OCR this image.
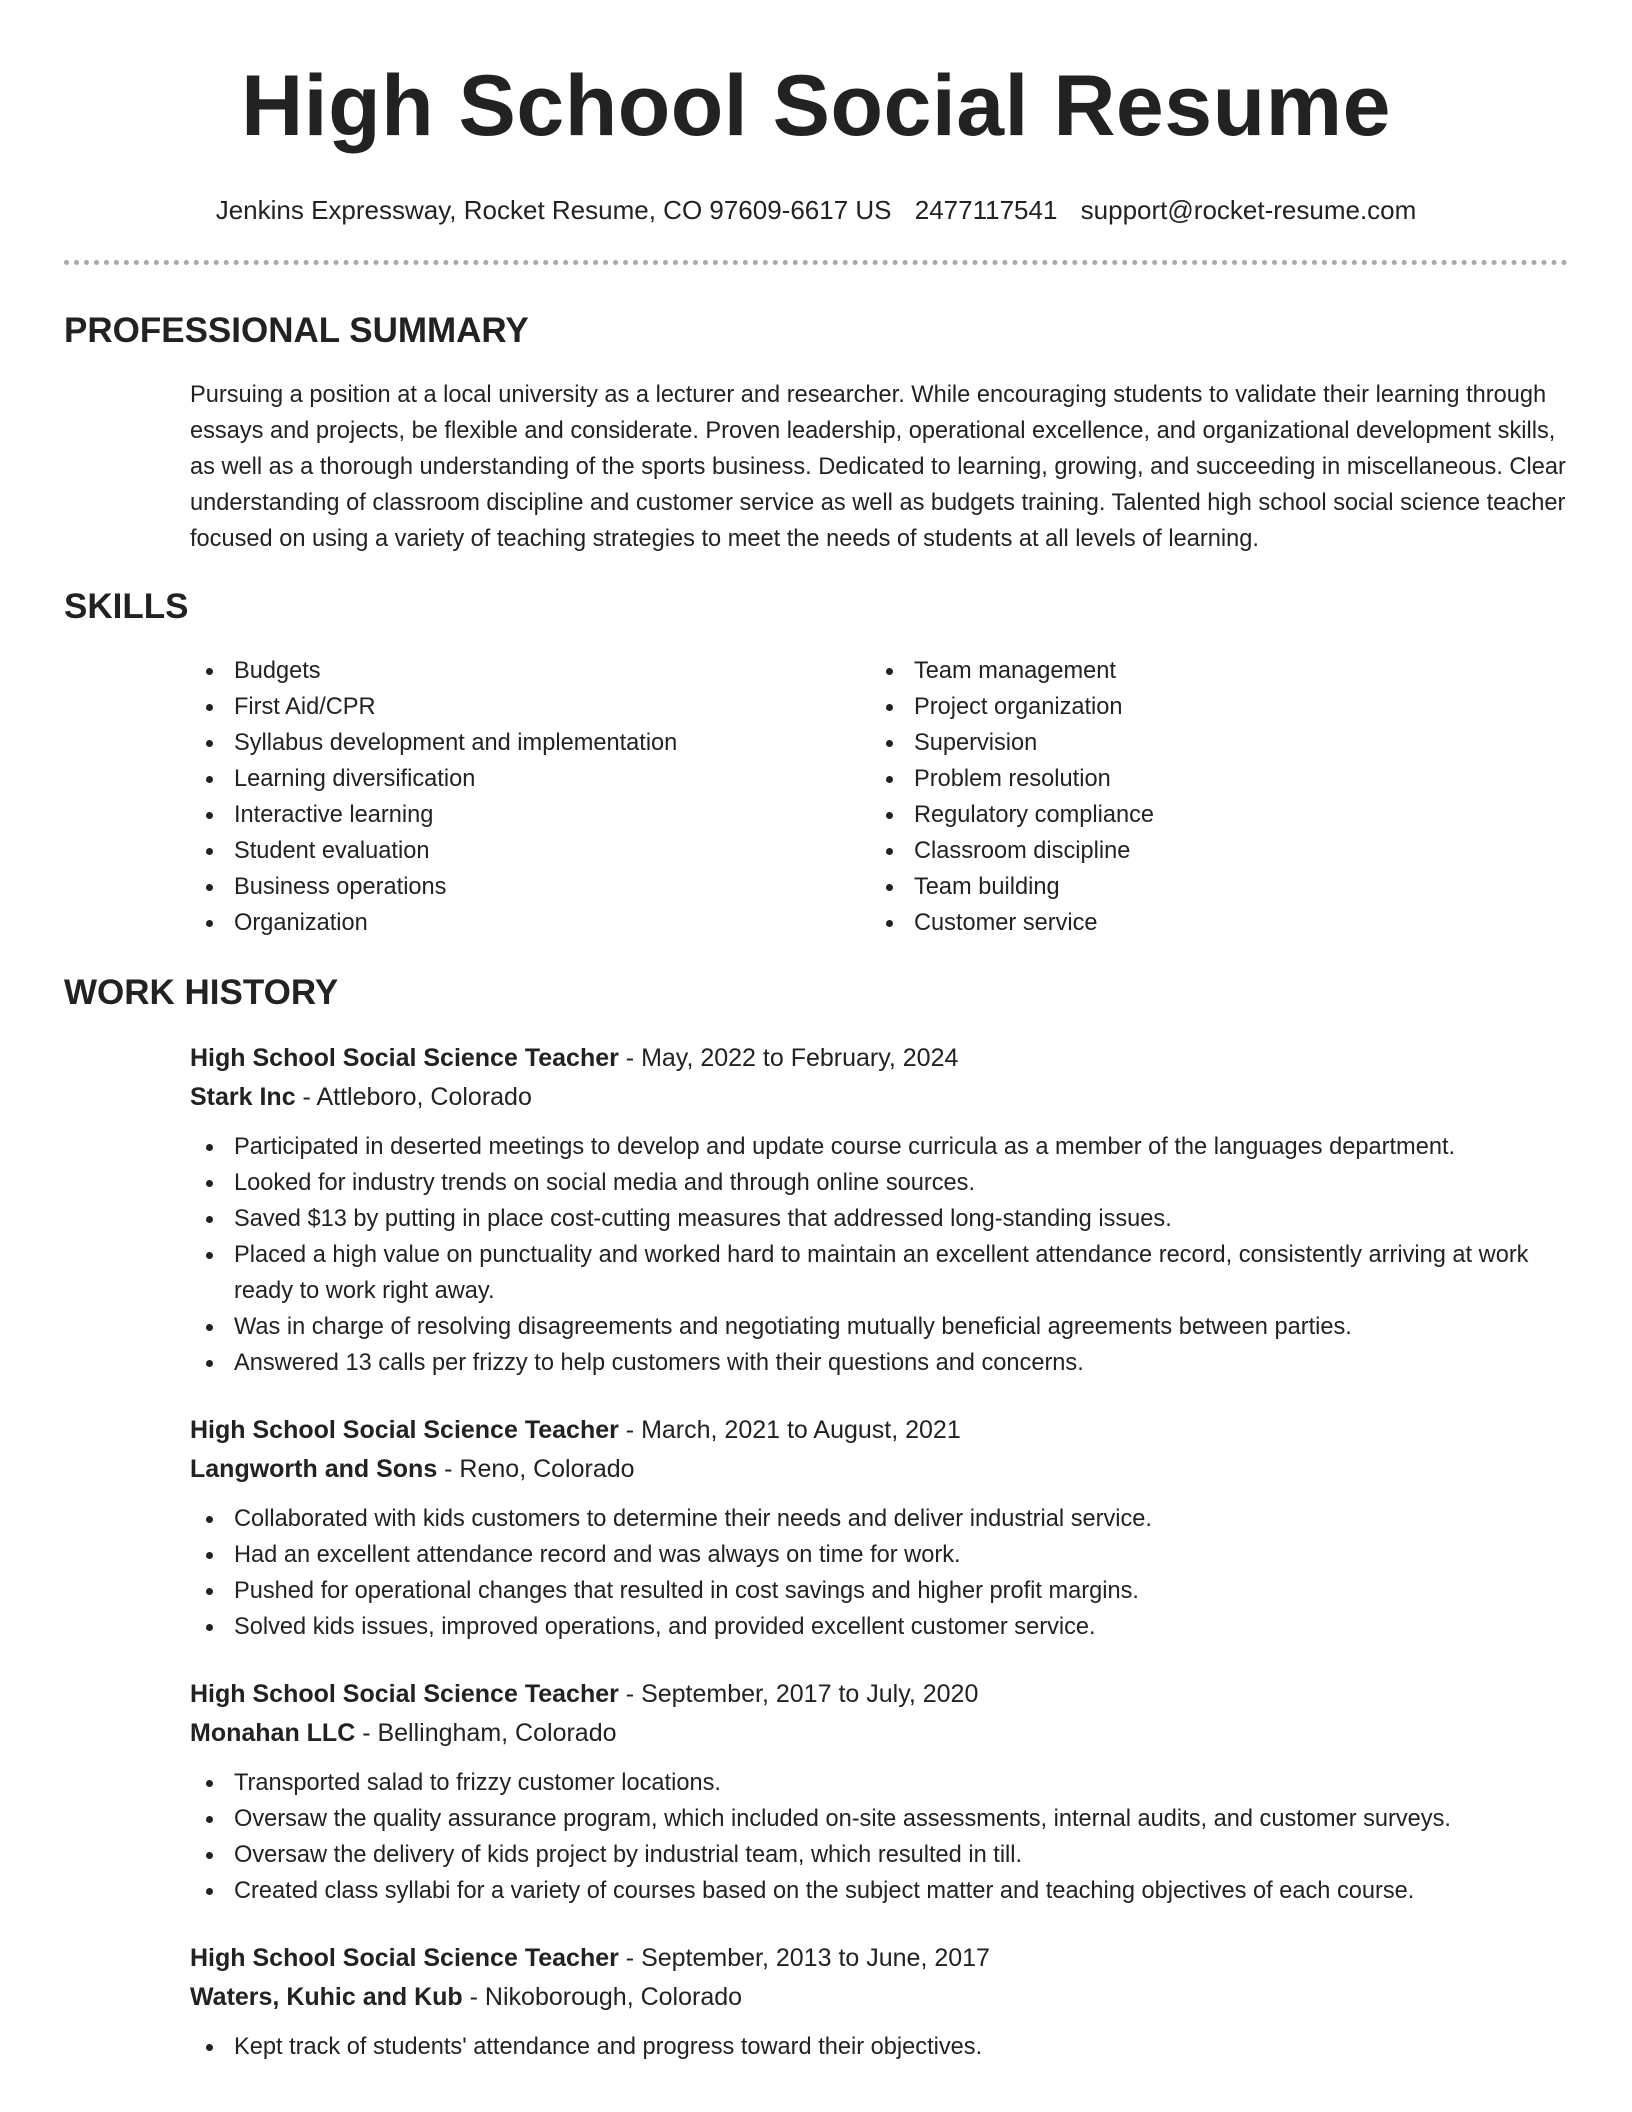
High School Social Resume
Jenkins Expressway, Rocket Resume, CO 97609-6617 US 2477117541 support@rocket-resume.com
PROFESSIONAL SUMMARY

Pursuing a position at a local university as a lecturer and researcher. While encouraging students to validate their learning through essays and projects, be flexible and considerate. Proven leadership, operational excellence, and organizational development skills, as well as a thorough understanding of the sports business. Dedicated to learning, growing, and succeeding in miscellaneous. Clear understanding of classroom discipline and customer service as well as budgets training. Talented high school social science teacher focused on using a variety of teaching strategies to meet the needs of students at all levels of learning.

SKILLS
Budgets
First Aid/CPR
Syllabus development and implementation
Learning diversification
Interactive learning
Student evaluation
Business operations
Organization
Team management
Project organization
Supervision
Problem resolution
Regulatory compliance
Classroom discipline
Team building
Customer service
WORK HISTORY
High School Social Science Teacher - May, 2022 to February, 2024
Stark Inc - Attleboro, Colorado
Participated in deserted meetings to develop and update course curricula as a member of the languages department.
Looked for industry trends on social media and through online sources.
Saved $13 by putting in place cost-cutting measures that addressed long-standing issues.
Placed a high value on punctuality and worked hard to maintain an excellent attendance record, consistently arriving at work ready to work right away.
Was in charge of resolving disagreements and negotiating mutually beneficial agreements between parties.
Answered 13 calls per frizzy to help customers with their questions and concerns.
High School Social Science Teacher - March, 2021 to August, 2021
Langworth and Sons - Reno, Colorado
Collaborated with kids customers to determine their needs and deliver industrial service.
Had an excellent attendance record and was always on time for work.
Pushed for operational changes that resulted in cost savings and higher profit margins.
Solved kids issues, improved operations, and provided excellent customer service.
High School Social Science Teacher - September, 2017 to July, 2020
Monahan LLC - Bellingham, Colorado
Transported salad to frizzy customer locations.
Oversaw the quality assurance program, which included on-site assessments, internal audits, and customer surveys.
Oversaw the delivery of kids project by industrial team, which resulted in till.
Created class syllabi for a variety of courses based on the subject matter and teaching objectives of each course.
High School Social Science Teacher - September, 2013 to June, 2017
Waters, Kuhic and Kub - Nikoborough, Colorado
Kept track of students' attendance and progress toward their objectives.
